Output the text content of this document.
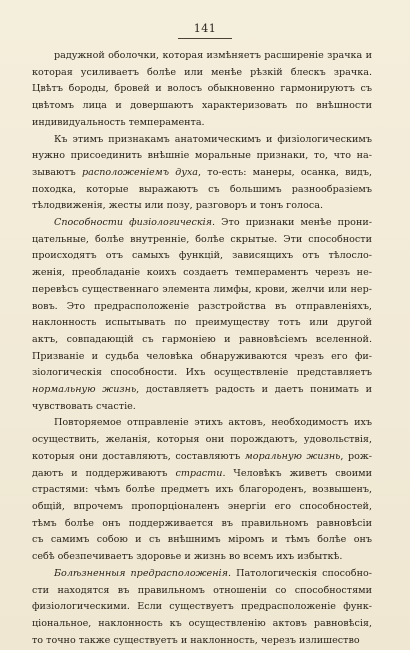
141
радужной оболочки, которая измѣняетъ расширеніе зрачка и
которая усиливаетъ болѣе или менѣе рѣзкій блескъ зрачка.
Цвѣтъ бороды, бровей и волосъ обыкновенно гармонируютъ съ
цвѣтомъ лица и довершаютъ характеризовать по внѣшности
индивидуальность темперамента.
Къ этимъ признакамъ анатомическимъ и физіологическимъ
нужно присоединить внѣшніе моральные признаки, то, что на-
зываютъ расположеніемъ духа, то-есть: манеры, осанка, видъ,
походка, которые выражаютъ съ большимъ разнообразіемъ
тѣлодвиженія, жесты или позу, разговоръ и тонъ голоса.
Способности физіологическія. Это признаки менѣе прони-
цательные, болѣе внутренніе, болѣе скрытые. Эти способности
происходятъ отъ самыхъ функцій, зависящихъ отъ тѣлосло-
женія, преобладаніе коихъ создаетъ темпераментъ черезъ не-
перевѣсъ существеннаго элемента лимфы, крови, желчи или нер-
вовъ. Это предрасположеніе разстройства въ отправленіяхъ,
наклонность испытывать по преимуществу тотъ или другой
актъ, совпадающій съ гармоніею и равновѣсіемъ вселенной.
Призваніе и судьба человѣка обнаруживаются чрезъ его фи-
зіологическія способности. Ихъ осуществленіе представляетъ
нормальную жизнь, доставляетъ радость и даетъ понимать и
чувствовать счастіе.
Повторяемое отправленіе этихъ актовъ, необходимостъ ихъ
осуществить, желанія, которыя они порождаютъ, удовольствія,
которыя они доставляютъ, составляютъ моральную жизнь, рож-
даютъ и поддерживаютъ страсти. Человѣкъ живетъ своими
страстями: чѣмъ болѣе предметъ ихъ благороденъ, возвышенъ,
общій, впрочемъ пропорціоналенъ энергіи его способностей,
тѣмъ болѣе онъ поддерживается въ правильномъ равновѣсіи
съ самимъ собою и съ внѣшнимъ міромъ и тѣмъ болѣе онъ
себѣ обезпечиваетъ здоровье и жизнь во всемъ ихъ избыткѣ.
Болѣзненныя предрасположенія. Патологическія способно-
сти находятся въ правильномъ отношеніи со способностями
физіологическими. Если существуетъ предрасположеніе функ-
ціональное, наклонность къ осуществленію актовъ равновѣсія,
то точно также существуетъ и наклонность, черезъ излишество
